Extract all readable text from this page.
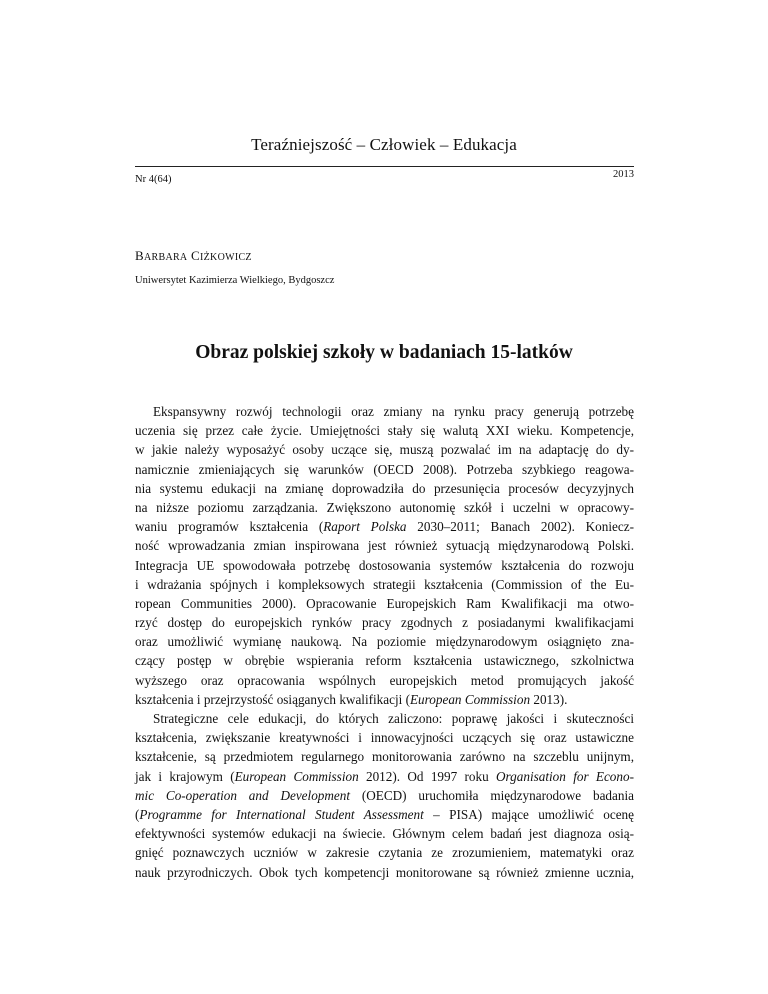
Teraźniejszość – Człowiek – Edukacja
Nr 4(64)	2013
BARBARA CIŻKOWICZ
Uniwersytet Kazimierza Wielkiego, Bydgoszcz
Obraz polskiej szkoły w badaniach 15-latków
Ekspansywny rozwój technologii oraz zmiany na rynku pracy generują potrzebę
uczenia się przez całe życie. Umiejętności stały się walutą XXI wieku. Kompetencje,
w jakie należy wyposażyć osoby uczące się, muszą pozwalać im na adaptację do dy-
namicznie zmieniających się warunków (OECD 2008). Potrzeba szybkiego reagowa-
nia systemu edukacji na zmianę doprowadziła do przesunięcia procesów decyzyjnych
na niższe poziomu zarządzania. Zwiększono autonomię szkół i uczelni w opracowy-
waniu programów kształcenia (Raport Polska 2030–2011; Banach 2002). Koniecz-
ność wprowadzania zmian inspirowana jest również sytuacją międzynarodową Polski.
Integracja UE spowodowała potrzebę dostosowania systemów kształcenia do rozwoju
i wdrażania spójnych i kompleksowych strategii kształcenia (Commission of the Eu-
ropean Communities 2000). Opracowanie Europejskich Ram Kwalifikacji ma otwo-
rzyć dostęp do europejskich rynków pracy zgodnych z posiadanymi kwalifikacjami
oraz umożliwić wymianę naukową. Na poziomie międzynarodowym osiągnięto zna-
czący postęp w obrębie wspierania reform kształcenia ustawicznego, szkolnictwa
wyższego oraz opracowania wspólnych europejskich metod promujących jakość
kształcenia i przejrzystość osiąganych kwalifikacji (European Commission 2013).
Strategiczne cele edukacji, do których zaliczono: poprawę jakości i skuteczności
kształcenia, zwiększanie kreatywności i innowacyjności uczących się oraz ustawiczne
kształcenie, są przedmiotem regularnego monitorowania zarówno na szczeblu unijnym,
jak i krajowym (European Commission 2012). Od 1997 roku Organisation for Econo-
mic Co-operation and Development (OECD) uruchomiła międzynarodowe badania
(Programme for International Student Assessment – PISA) mające umożliwić ocenę
efektywności systemów edukacji na świecie. Głównym celem badań jest diagnoza osią-
gnięć poznawczych uczniów w zakresie czytania ze zrozumieniem, matematyki oraz
nauk przyrodniczych. Obok tych kompetencji monitorowane są również zmienne ucznia,
